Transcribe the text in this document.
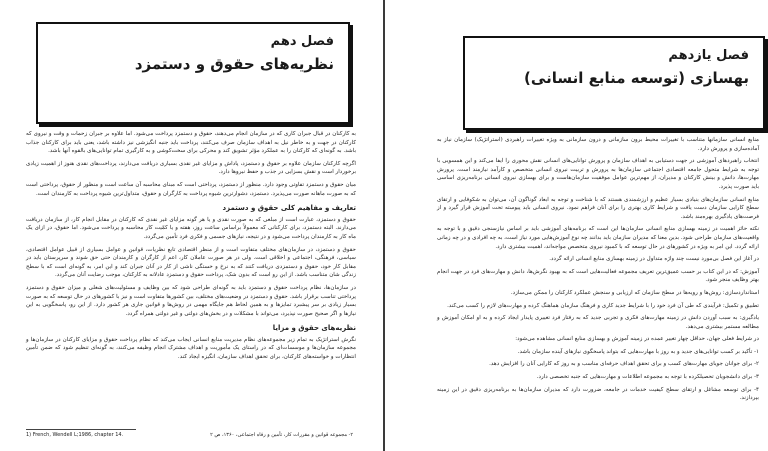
فصل دهم
نظریه‌های حقوق و دستمزد

به کارکنان در قبال جبران کاری که در سازمان انجام می‌دهند، حقوق و دستمزد پرداخت می‌شود. اما علاوه بر جبران زحمات و وقت و نیروی که کارکنان در جهت و به خاطر نیل به اهداف سازمان صرف می‌کنند، پرداخت باید جنبه انگیزشی نیز داشته باشد، یعنی باید برای کارکنان جذاب باشد. به گونه‌ای که کارکنان را به عملکرد مؤثر تشویق کند و محرکی برای سخت‌کوشی و به کارگیری تمام توانایی‌های بالقوه آنها باشد.

اگرچه کارکنان سازمان علاوه بر حقوق و دستمزد، پاداش و مزایای غیر نقدی بسیاری دریافت می‌دارند، پرداخت‌های نقدی هنوز از اهمیت زیادی برخوردار است و نقش بسزایی در جذب و حفظ نیروها دارد.

میان حقوق و دستمزد تفاوتی وجود دارد. منظور از دستمزد، پرداختی است که مبنای محاسبه آن ساعت است و منظور از حقوق، پرداختی است که به صورت ماهانه صورت می‌پذیرد. دستمزد، دشوارترین شیوه پرداخت به کارگران و حقوق، متداول‌ترین شیوه پرداخت به کارمندان است.

تعاریف و مفاهیم کلی حقوق و دستمزد

حقوق و دستمزد، عبارت است از مبلغی که به صورت نقدی و یا هر گونه مزایای غیر نقدی که کارکنان در مقابل انجام کار، از سازمان دریافت می‌دارند. البته دستمزد، برای کارکنانی که معمولاً براساس ساعت روز، هفته و یا کمّیت کار محاسبه و پرداخت می‌شود. اما حقوق، در ازای یک ماه کار به کارمندان پرداخت می‌شود و در نتیجه، نیازهای جسمی و فکری فرد تأمین می‌گردد.

حقوق و دستمزد، در سازمان‌های مختلف متفاوت است و از منظر اقتصادی تابع نظریات، قوانین و عوامل بسیاری از قبیل عوامل اقتصادی، سیاسی، فرهنگی، اجتماعی و اخلاقی است. ولی در هر صورت عاملان کار، اعم از کارگران و کارمندان حتی حق شوند و سرپرستان باید در مقابل کار خود، حقوق و دستمزدی دریافت کنند که به نرخ و خستگی ناشی از کار در آنان جبران کند و این امر، به گونه‌ای است که با سطح زندگی شان متناسب باشد. از این رو است که بدون شک، پرداخت حقوق و دستمزد عادلانه به کارکنان، موجب رضایت آنان می‌گردد.

در سازمان‌ها، نظام پرداخت حقوق و دستمزد باید به گونه‌ای طراحی شود که بین وظایف و مسئولیت‌های شغلی و میزان حقوق و دستمزد پرداختی تناسب برقرار باشد. حقوق و دستمزد در وضعیت‌های مختلف، بین کشورها متفاوت است و نیز با کشورهای در حال توسعه که به صورت بسیار زیادی بر سر پیشبرد تمایزها و به همین لحاظ هم جایگاه مهمی در روش‌ها و قوانین جاری هر کشور دارد. از این رو، پاسخگویی به این نیازها و اگر صحیح صورت نپذیرد، می‌تواند با مشکلات و در بخش‌های دولتی و غیر دولتی همراه گردد.

نظریه‌های حقوق و مزایا

نگرش استراتژیک به تمام زیر مجموعه‌های نظام مدیریت منابع انسانی ایجاب می‌کند که نظام پرداخت حقوق و مزایای کارکنان در سازمان‌ها و مجموعه سازمان‌ها و موسسات‌ای که در راستای یک مأموریت و اهداف مشترک انجام وظیفه می‌کنند، به گونه‌ای تنظیم شود که ضمن تأمین انتظارات و خواسته‌های کارکنان، برای تحقق اهداف سازمان، انگیزه ایجاد کند.

1) French, Wendell L;1986, chapter 14.	۲- مجموعه قوانین و مقررات کار، تأمین و رفاه اجتماعی، ۱۳۶۰، ص ۲
فصل یازدهم
بهسازی (توسعه منابع انسانی)

منابع انسانی سازمانها متناسب با تغییرات محیط برون سازمانی و درون سازمانی به ویژه تغییرات راهبردی (استراتژیک) سازمان نیاز به آماده‌سازی و پرورش دارد.

انتخاب راهبردهای آموزشی در جهت دستیابی به اهداف سازمان و پرورش توانایی‌های انسانی نقش محوری را ایفا می‌کند و این همسویی با توجه به شرایط متحول جامعه اقتصادی اجتماعی سازمان‌ها به پرورش و تربیت نیروی انسانی متخصص و کارآمد نیازمند است. پرورش مهارت‌ها، دانش و بینش کارکنان و مدیران، از مهم‌ترین عوامل موفقیت سازمان‌هاست و برای بهسازی نیروی انسانی برنامه‌ریزی اساسی باید صورت پذیرد.

منابع انسانی سازمان‌های بنیادی بسیار عظیم و ارزشمندی هستند که با شناخت و توجه به ابعاد گوناگون آن، می‌توان به شکوفایی و ارتقای سطح کارایی سازمان دست یافت و شرایط کاری بهتری را برای آنان فراهم نمود. نیروی انسانی باید پیوسته تحت آموزش قرار گیرد و از فرصت‌های یادگیری بهره‌مند باشد.

نکته حائز اهمیت در زمینه بهسازی منابع انسانی سازمان‌ها این است که برنامه‌های آموزشی باید بر اساس نیازسنجی دقیق و با توجه به واقعیت‌های سازمان طراحی شود. بدین معنا که مدیران سازمان باید بدانند چه نوع آموزش‌هایی مورد نیاز است، به چه افرادی و در چه زمانی ارائه گردد. این امر به ویژه در کشورهای در حال توسعه که با کمبود نیروی متخصص مواجه‌اند، اهمیت بیشتری دارد.

در آغاز این فصل بی‌مورد نیست چند واژه متداول در زمینه بهسازی منابع انسانی ارائه گردد.

آموزش: که در این کتاب بر حسب عمیق‌ترین تعریف مجموعه فعالیت‌هایی است که به بهبود نگرش‌ها، دانش و مهارت‌های فرد در جهت انجام بهتر وظایف منجر شود.

استانداردسازی: روش‌ها و رویه‌ها در سطح سازمان که ارزیابی و سنجش عملکرد کارکنان را ممکن می‌سازد.

تطبیق و تکمیل: فرآیندی که طی آن فرد خود را با شرایط جدید کاری و فرهنگ سازمان هماهنگ کرده و مهارت‌های لازم را کسب می‌کند.

یادگیری: به سبب آوردن دانش در زمینه مهارت‌های فکری و تجربی جدید که به رفتار فرد تغییری پایدار ایجاد کرده و به او امکان آموزش و مطالعه مستمر بیشتری می‌دهد.

در شرایط فعلی جهان، حداقل چهار تغییر عمده در زمینه آموزش و بهسازی منابع انسانی مشاهده می‌شود:

۱- تأکید بر کسب توانایی‌های جدید و به روز با مهارت‌هایی که بتواند پاسخگوی نیازهای آینده سازمان باشد.

۲- برای جوانان جویای مهارت‌های کسب و برای تحقق اهداف حرفه‌ای مناسب و به روز که کارایی آنان را افزایش دهد.

۳- برای دانشجویان تحصیلکرده با توجه به مجموعه اطلاعات و مهارت‌هایی که جنبه تخصصی دارد.

۴- برای توسعه مشاغل و ارتقای سطح کیفیت خدمات در جامعه، ضرورت دارد که مدیران سازمان‌ها به برنامه‌ریزی دقیق در این زمینه بپردازند.
